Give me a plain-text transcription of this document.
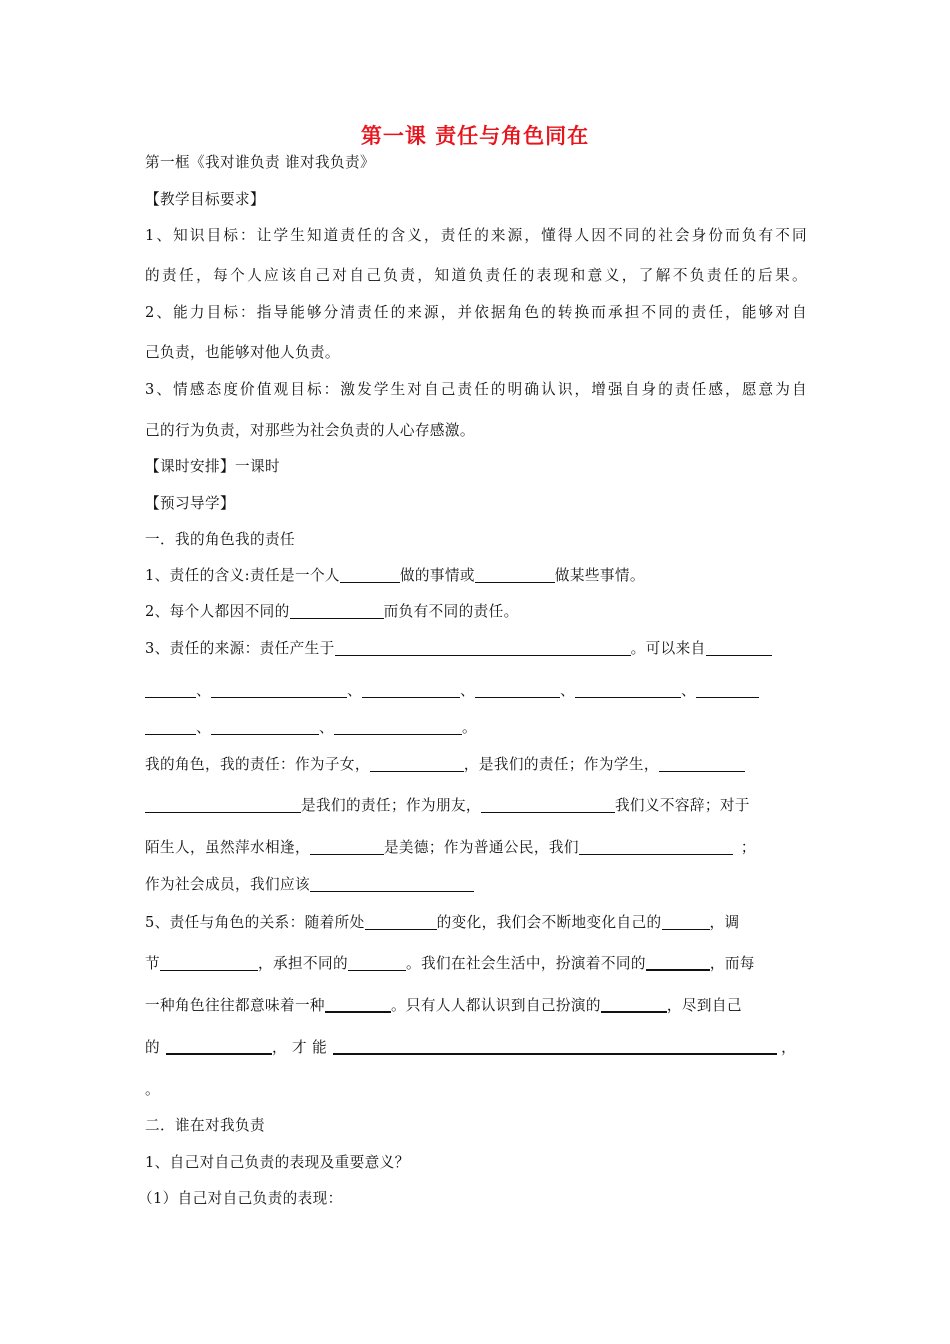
第一课 责任与角色同在
第一框《我对谁负责 谁对我负责》
【教学目标要求】
1、知识目标：让学生知道责任的含义，责任的来源，懂得人因不同的社会身份而负有不同
的责任，每个人应该自己对自己负责，知道负责任的表现和意义，了解不负责任的后果。
2、能力目标：指导能够分清责任的来源，并依据角色的转换而承担不同的责任，能够对自
己负责，也能够对他人负责。
3、情感态度价值观目标：激发学生对自己责任的明确认识，增强自身的责任感，愿意为自
己的行为负责，对那些为社会负责的人心存感激。
【课时安排】一课时
【预习导学】
一．我的角色我的责任
1、责任的含义:责任是一个人	做的事情或	做某些事情。
2、每个人都因不同的	而负有不同的责任。
3、责任的来源：责任产生于	。可以来自
、	、	、	、	、
、	、	。
我的角色，我的责任：作为子女，	，是我们的责任；作为学生，
是我们的责任；作为朋友，	我们义不容辞；对于
陌生人，虽然萍水相逢，	是美德；作为普通公民，我们	；
作为社会成员，我们应该
5、责任与角色的关系：随着所处	的变化，我们会不断地变化自己的	，调
节	，承担不同的	。我们在社会生活中，扮演着不同的	，而每
一种角色往往都意味着一种	。只有人人都认识到自己扮演的	，尽到自己
的	， 才 能	，
。
二．谁在对我负责
1、自己对自己负责的表现及重要意义？
（1）自己对自己负责的表现：
